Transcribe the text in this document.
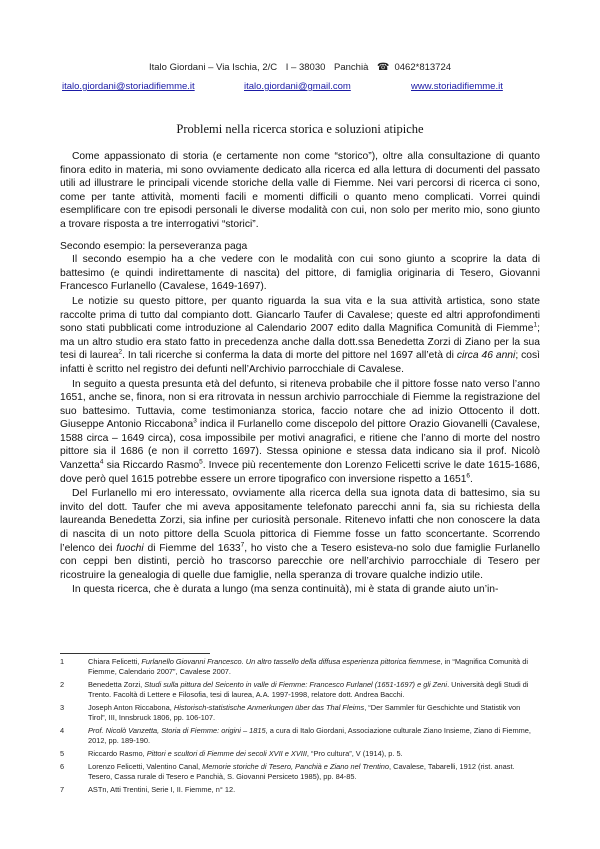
Italo Giordani – Via Ischia, 2/C I – 38030 Panchià ☎ 0462*813724
italo.giordani@storiadifiemme.it	italo.giordani@gmail.com	www.storiadifiemme.it
Problemi nella ricerca storica e soluzioni atipiche

Come appassionato di storia (e certamente non come “storico”), oltre alla consultazione di quanto finora edito in materia, mi sono ovviamente dedicato alla ricerca ed alla lettura di documenti del passato utili ad illustrare le principali vicende storiche della valle di Fiemme. Nei vari percorsi di ricerca ci sono, come per tante attività, momenti facili e momenti difficili o quanto meno complicati. Vorrei quindi esemplificare con tre episodi personali le diverse modalità con cui, non solo per merito mio, sono giunto a trovare risposta a tre interrogativi “storici”.

Secondo esempio: la perseveranza paga

Il secondo esempio ha a che vedere con le modalità con cui sono giunto a scoprire la data di battesimo (e quindi indirettamente di nascita) del pittore, di famiglia originaria di Tesero, Giovanni Francesco Furlanello (Cavalese, 1649-1697).

Le notizie su questo pittore, per quanto riguarda la sua vita e la sua attività artistica, sono state raccolte prima di tutto dal compianto dott. Giancarlo Taufer di Cavalese; queste ed altri approfondimenti sono stati pubblicati come introduzione al Calendario 2007 edito dalla Magnifica Comunità di Fiemme$^1$; ma un altro studio era stato fatto in precedenza anche dalla dott.ssa Benedetta Zorzi di Ziano per la sua tesi di laurea$^2$. In tali ricerche si conferma la data di morte del pittore nel 1697 all’età di circa 46 anni; così infatti è scritto nel registro dei defunti nell’Archivio parrocchiale di Cavalese.

In seguito a questa presunta età del defunto, si riteneva probabile che il pittore fosse nato verso l’anno 1651, anche se, finora, non si era ritrovata in nessun archivio parrocchiale di Fiemme la registrazione del suo battesimo. Tuttavia, come testimonianza storica, faccio notare che ad inizio Ottocento il dott. Giuseppe Antonio Riccabona$^3$ indica il Furlanello come discepolo del pittore Orazio Giovanelli (Cavalese, 1588 circa – 1649 circa), cosa impossibile per motivi anagrafici, e ritiene che l’anno di morte del nostro pittore sia il 1686 (e non il corretto 1697). Stessa opinione e stessa data indicano sia il prof. Nicolò Vanzetta$^4$ sia Riccardo Rasmo$^5$. Invece più recentemente don Lorenzo Felicetti scrive le date 1615-1686, dove però quel 1615 potrebbe essere un errore tipografico con inversione rispetto a 1651$^6$.

Del Furlanello mi ero interessato, ovviamente alla ricerca della sua ignota data di battesimo, sia su invito del dott. Taufer che mi aveva appositamente telefonato parecchi anni fa, sia su richiesta della laureanda Benedetta Zorzi, sia infine per curiosità personale. Ritenevo infatti che non conoscere la data di nascita di un noto pittore della Scuola pittorica di Fiemme fosse un fatto sconcertante. Scorrendo l’elenco dei fuochi di Fiemme del 1633$^7$, ho visto che a Tesero esisteva-no solo due famiglie Furlanello con ceppi ben distinti, perciò ho trascorso parecchie ore nell’archivio parrocchiale di Tesero per ricostruire la genealogia di quelle due famiglie, nella speranza di trovare qualche indizio utile.

In questa ricerca, che è durata a lungo (ma senza continuità), mi è stata di grande aiuto un’in-

1	Chiara Felicetti, Furlanello Giovanni Francesco. Un altro tassello della diffusa esperienza pittorica fiemmese, in “Magnifica Comunità di Fiemme, Calendario 2007”, Cavalese 2007.
2	Benedetta Zorzi, Studi sulla pittura del Seicento in valle di Fiemme: Francesco Furlanel (1651-1697) e gli Zeni. Università degli Studi di Trento. Facoltà di Lettere e Filosofia, tesi di laurea, A.A. 1997-1998, relatore dott. Andrea Bacchi.
3	Joseph Anton Riccabona, Historisch-statistische Anmerkungen über das Thal Fleims, “Der Sammler für Geschichte und Statistik von Tirol”, III, Innsbruck 1806, pp. 106-107.
4	Prof. Nicolò Vanzetta, Storia di Fiemme: origini – 1815, a cura di Italo Giordani, Associazione culturale Ziano Insieme, Ziano di Fiemme, 2012, pp. 189-190.
5	Riccardo Rasmo, Pittori e scultori di Fiemme dei secoli XVII e XVIII, “Pro cultura”, V (1914), p. 5.
6	Lorenzo Felicetti, Valentino Canal, Memorie storiche di Tesero, Panchià e Ziano nel Trentino, Cavalese, Tabarelli, 1912 (rist. anast. Tesero, Cassa rurale di Tesero e Panchià, S. Giovanni Persiceto 1985), pp. 84-85.
7	ASTn, Atti Trentini, Serie I, II. Fiemme, n° 12.
